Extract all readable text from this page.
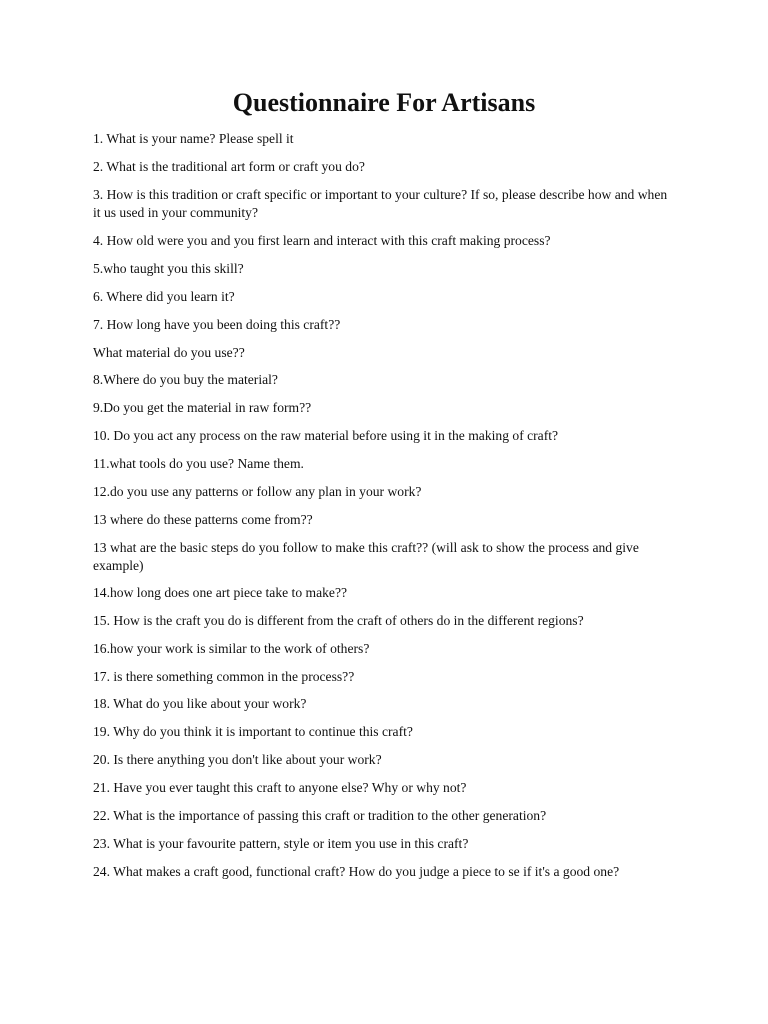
Questionnaire For Artisans
1. What is your name? Please spell it
2. What is the traditional art form or craft you do?
3. How is this tradition or craft specific or important to your culture? If so, please describe how and when it us used in your community?
4. How old were you and you first learn and interact with this craft making process?
5.who taught you this skill?
6. Where did you learn it?
7. How long have you been doing this craft??
What material do you use??
8.Where do you buy the material?
9.Do you get the material in raw form??
10. Do you act any process on the raw material before using it in the making of craft?
11.what tools do you use? Name them.
12.do you use any patterns or follow any plan in your work?
13 where do these patterns come from??
13 what are the basic steps do you follow to make this craft?? (will ask to show the process and give example)
14.how long does one art piece take to make??
15. How is the craft you do is different from the craft of others do in the different regions?
16.how your work is similar to the work of others?
17. is there something common in the process??
18. What do you like about your work?
19. Why do you think it is important to continue this craft?
20. Is there anything you don't like about your work?
21. Have you ever taught this craft to anyone else? Why or why not?
22. What is the importance of passing this craft or tradition to the other generation?
23. What is your favourite pattern, style or item you use in this craft?
24. What makes a craft good, functional craft? How do you judge a piece to se if it's a good one?
